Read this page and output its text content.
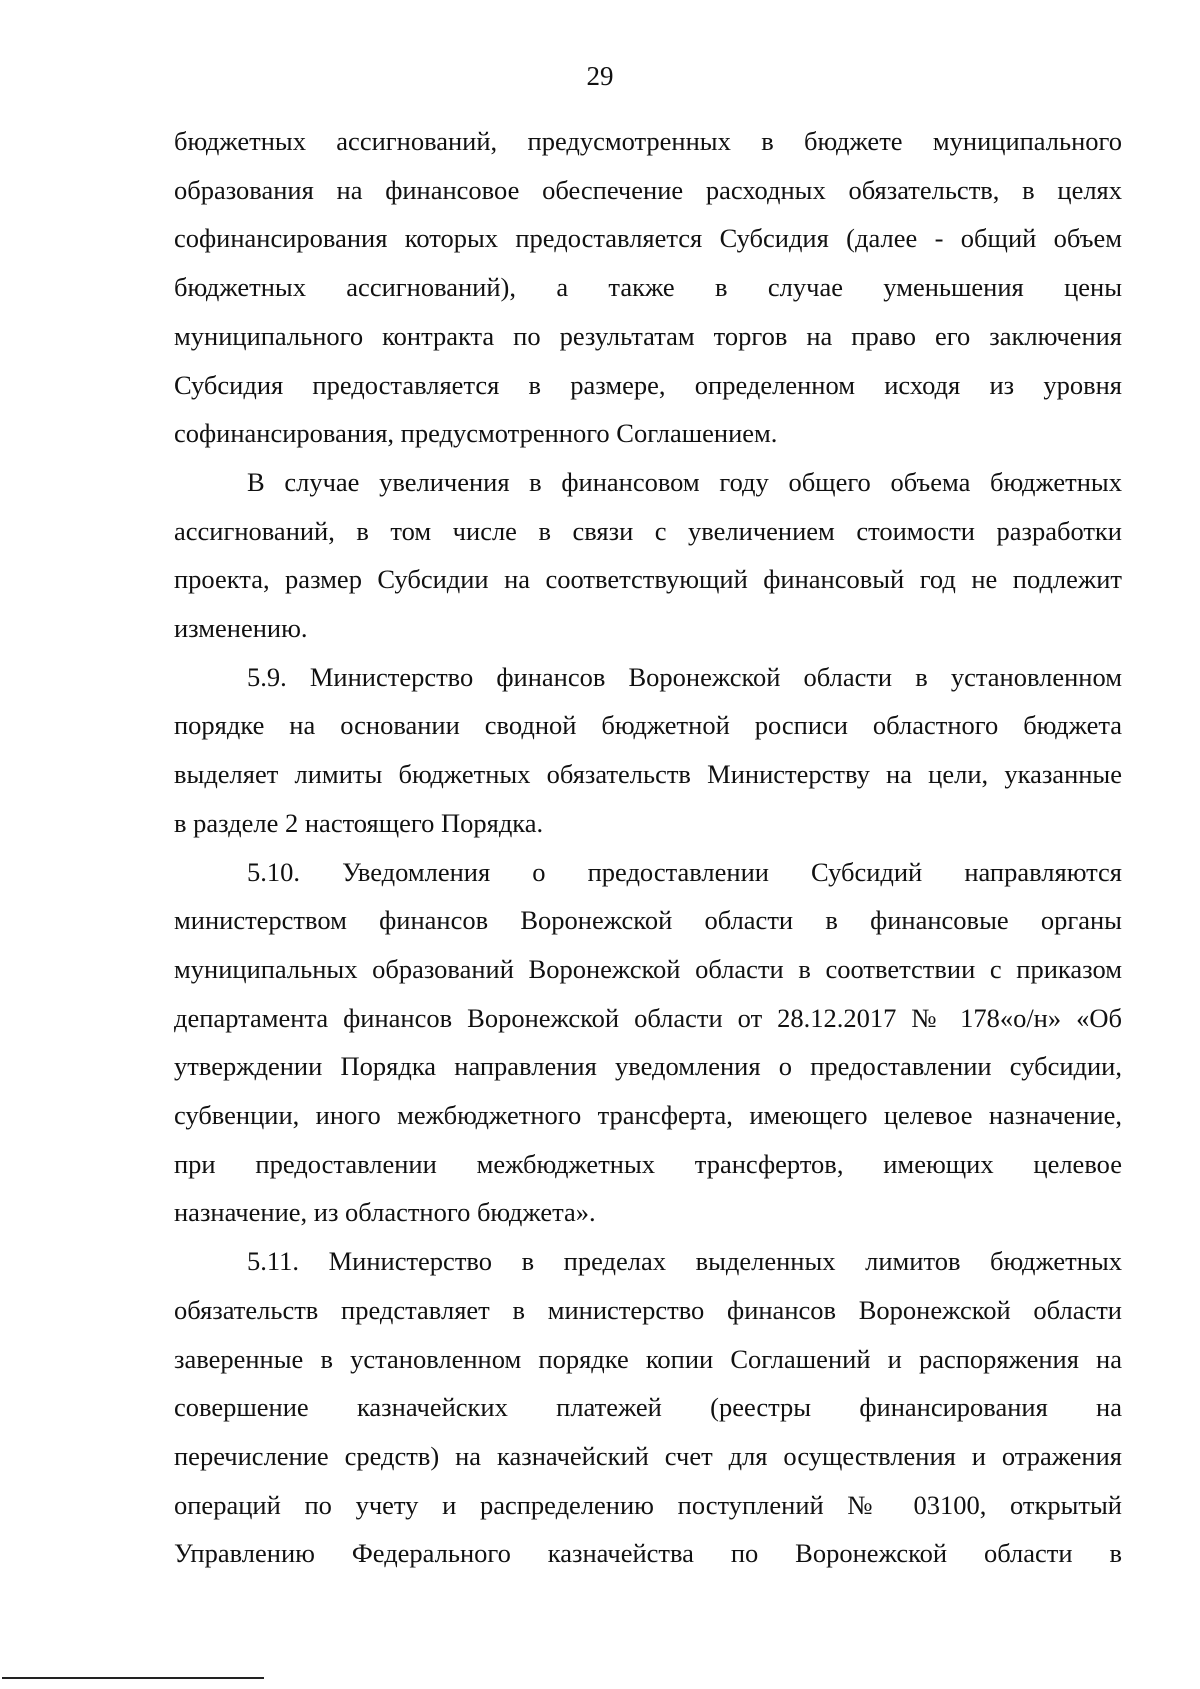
29
бюджетных ассигнований, предусмотренных в бюджете муниципального
образования на финансовое обеспечение расходных обязательств, в целях
софинансирования которых предоставляется Субсидия (далее - общий объем
бюджетных ассигнований), а также в случае уменьшения цены
муниципального контракта по результатам торгов на право его заключения
Субсидия предоставляется в размере, определенном исходя из уровня
софинансирования, предусмотренного Соглашением.
В случае увеличения в финансовом году общего объема бюджетных
ассигнований, в том числе в связи с увеличением стоимости разработки
проекта, размер Субсидии на соответствующий финансовый год не подлежит
изменению.
5.9. Министерство финансов Воронежской области в установленном
порядке на основании сводной бюджетной росписи областного бюджета
выделяет лимиты бюджетных обязательств Министерству на цели, указанные
в разделе 2 настоящего Порядка.
5.10. Уведомления о предоставлении Субсидий направляются
министерством финансов Воронежской области в финансовые органы
муниципальных образований Воронежской области в соответствии с приказом
департамента финансов Воронежской области от 28.12.2017 № 178«о/н» «Об
утверждении Порядка направления уведомления о предоставлении субсидии,
субвенции, иного межбюджетного трансферта, имеющего целевое назначение,
при предоставлении межбюджетных трансфертов, имеющих целевое
назначение, из областного бюджета».
5.11. Министерство в пределах выделенных лимитов бюджетных
обязательств представляет в министерство финансов Воронежской области
заверенные в установленном порядке копии Соглашений и распоряжения на
совершение казначейских платежей (реестры финансирования на
перечисление средств) на казначейский счет для осуществления и отражения
операций по учету и распределению поступлений № 03100, открытый
Управлению Федерального казначейства по Воронежской области в
